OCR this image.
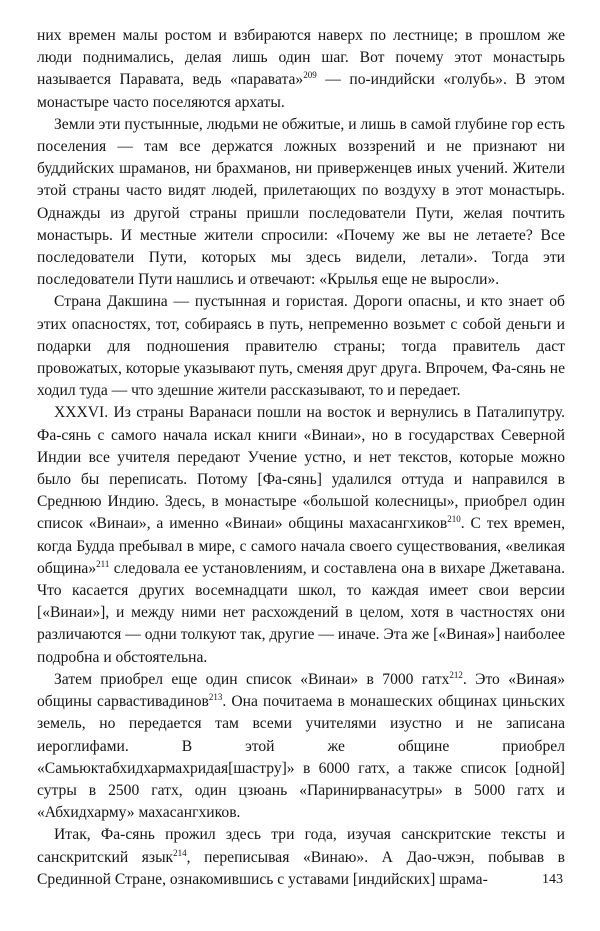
них времен малы ростом и взбираются наверх по лестнице; в прошлом же люди поднимались, делая лишь один шаг. Вот почему этот монастырь называется Паравата, ведь «паравата»$^{209}$ — по-индийски «голубь». В этом монастыре часто поселяются архаты.

Земли эти пустынные, людьми не обжитые, и лишь в самой глубине гор есть поселения — там все держатся ложных воззрений и не признают ни буддийских шраманов, ни брахманов, ни приверженцев иных учений. Жители этой страны часто видят людей, прилетающих по воздуху в этот монастырь. Однажды из другой страны пришли последователи Пути, желая почтить монастырь. И местные жители спросили: «Почему же вы не летаете? Все последователи Пути, которых мы здесь видели, летали». Тогда эти последователи Пути нашлись и отвечают: «Крылья еще не выросли».

Страна Дакшина — пустынная и гористая. Дороги опасны, и кто знает об этих опасностях, тот, собираясь в путь, непременно возьмет с собой деньги и подарки для подношения правителю страны; тогда правитель даст провожатых, которые указывают путь, сменяя друг друга. Впрочем, Фа-сянь не ходил туда — что здешние жители рассказывают, то и передает.

XXXVI. Из страны Варанаси пошли на восток и вернулись в Паталипутру. Фа-сянь с самого начала искал книги «Винаи», но в государствах Северной Индии все учителя передают Учение устно, и нет текстов, которые можно было бы переписать. Потому [Фа-сянь] удалился оттуда и направился в Среднюю Индию. Здесь, в монастыре «большой колесницы», приобрел один список «Винаи», а именно «Винаи» общины махасангхиков$^{210}$. С тех времен, когда Будда пребывал в мире, с самого начала своего существования, «великая община»$^{211}$ следовала ее установлениям, и составлена она в вихаре Джетавана. Что касается других восемнадцати школ, то каждая имеет свои версии [«Винаи»], и между ними нет расхождений в целом, хотя в частностях они различаются — одни толкуют так, другие — иначе. Эта же [«Виная»] наиболее подробна и обстоятельна.

Затем приобрел еще один список «Винаи» в 7000 гатх$^{212}$. Это «Виная» общины сарвастивадинов$^{213}$. Она почитаема в монашеских общинах циньских земель, но передается там всеми учителями изустно и не записана иероглифами. В этой же общине приобрел «Самьюктабхидхармахридая[шастру]» в 6000 гатх, а также список [одной] сутры в 2500 гатх, один цзюань «Паринирванасутры» в 5000 гатх и «Абхидхарму» махасангхиков.

Итак, Фа-сянь прожил здесь три года, изучая санскритские тексты и санскритский язык$^{214}$, переписывая «Винаю». А Дао-чжэн, побывав в Срединной Стране, ознакомившись с уставами [индийских] шрама-	143
